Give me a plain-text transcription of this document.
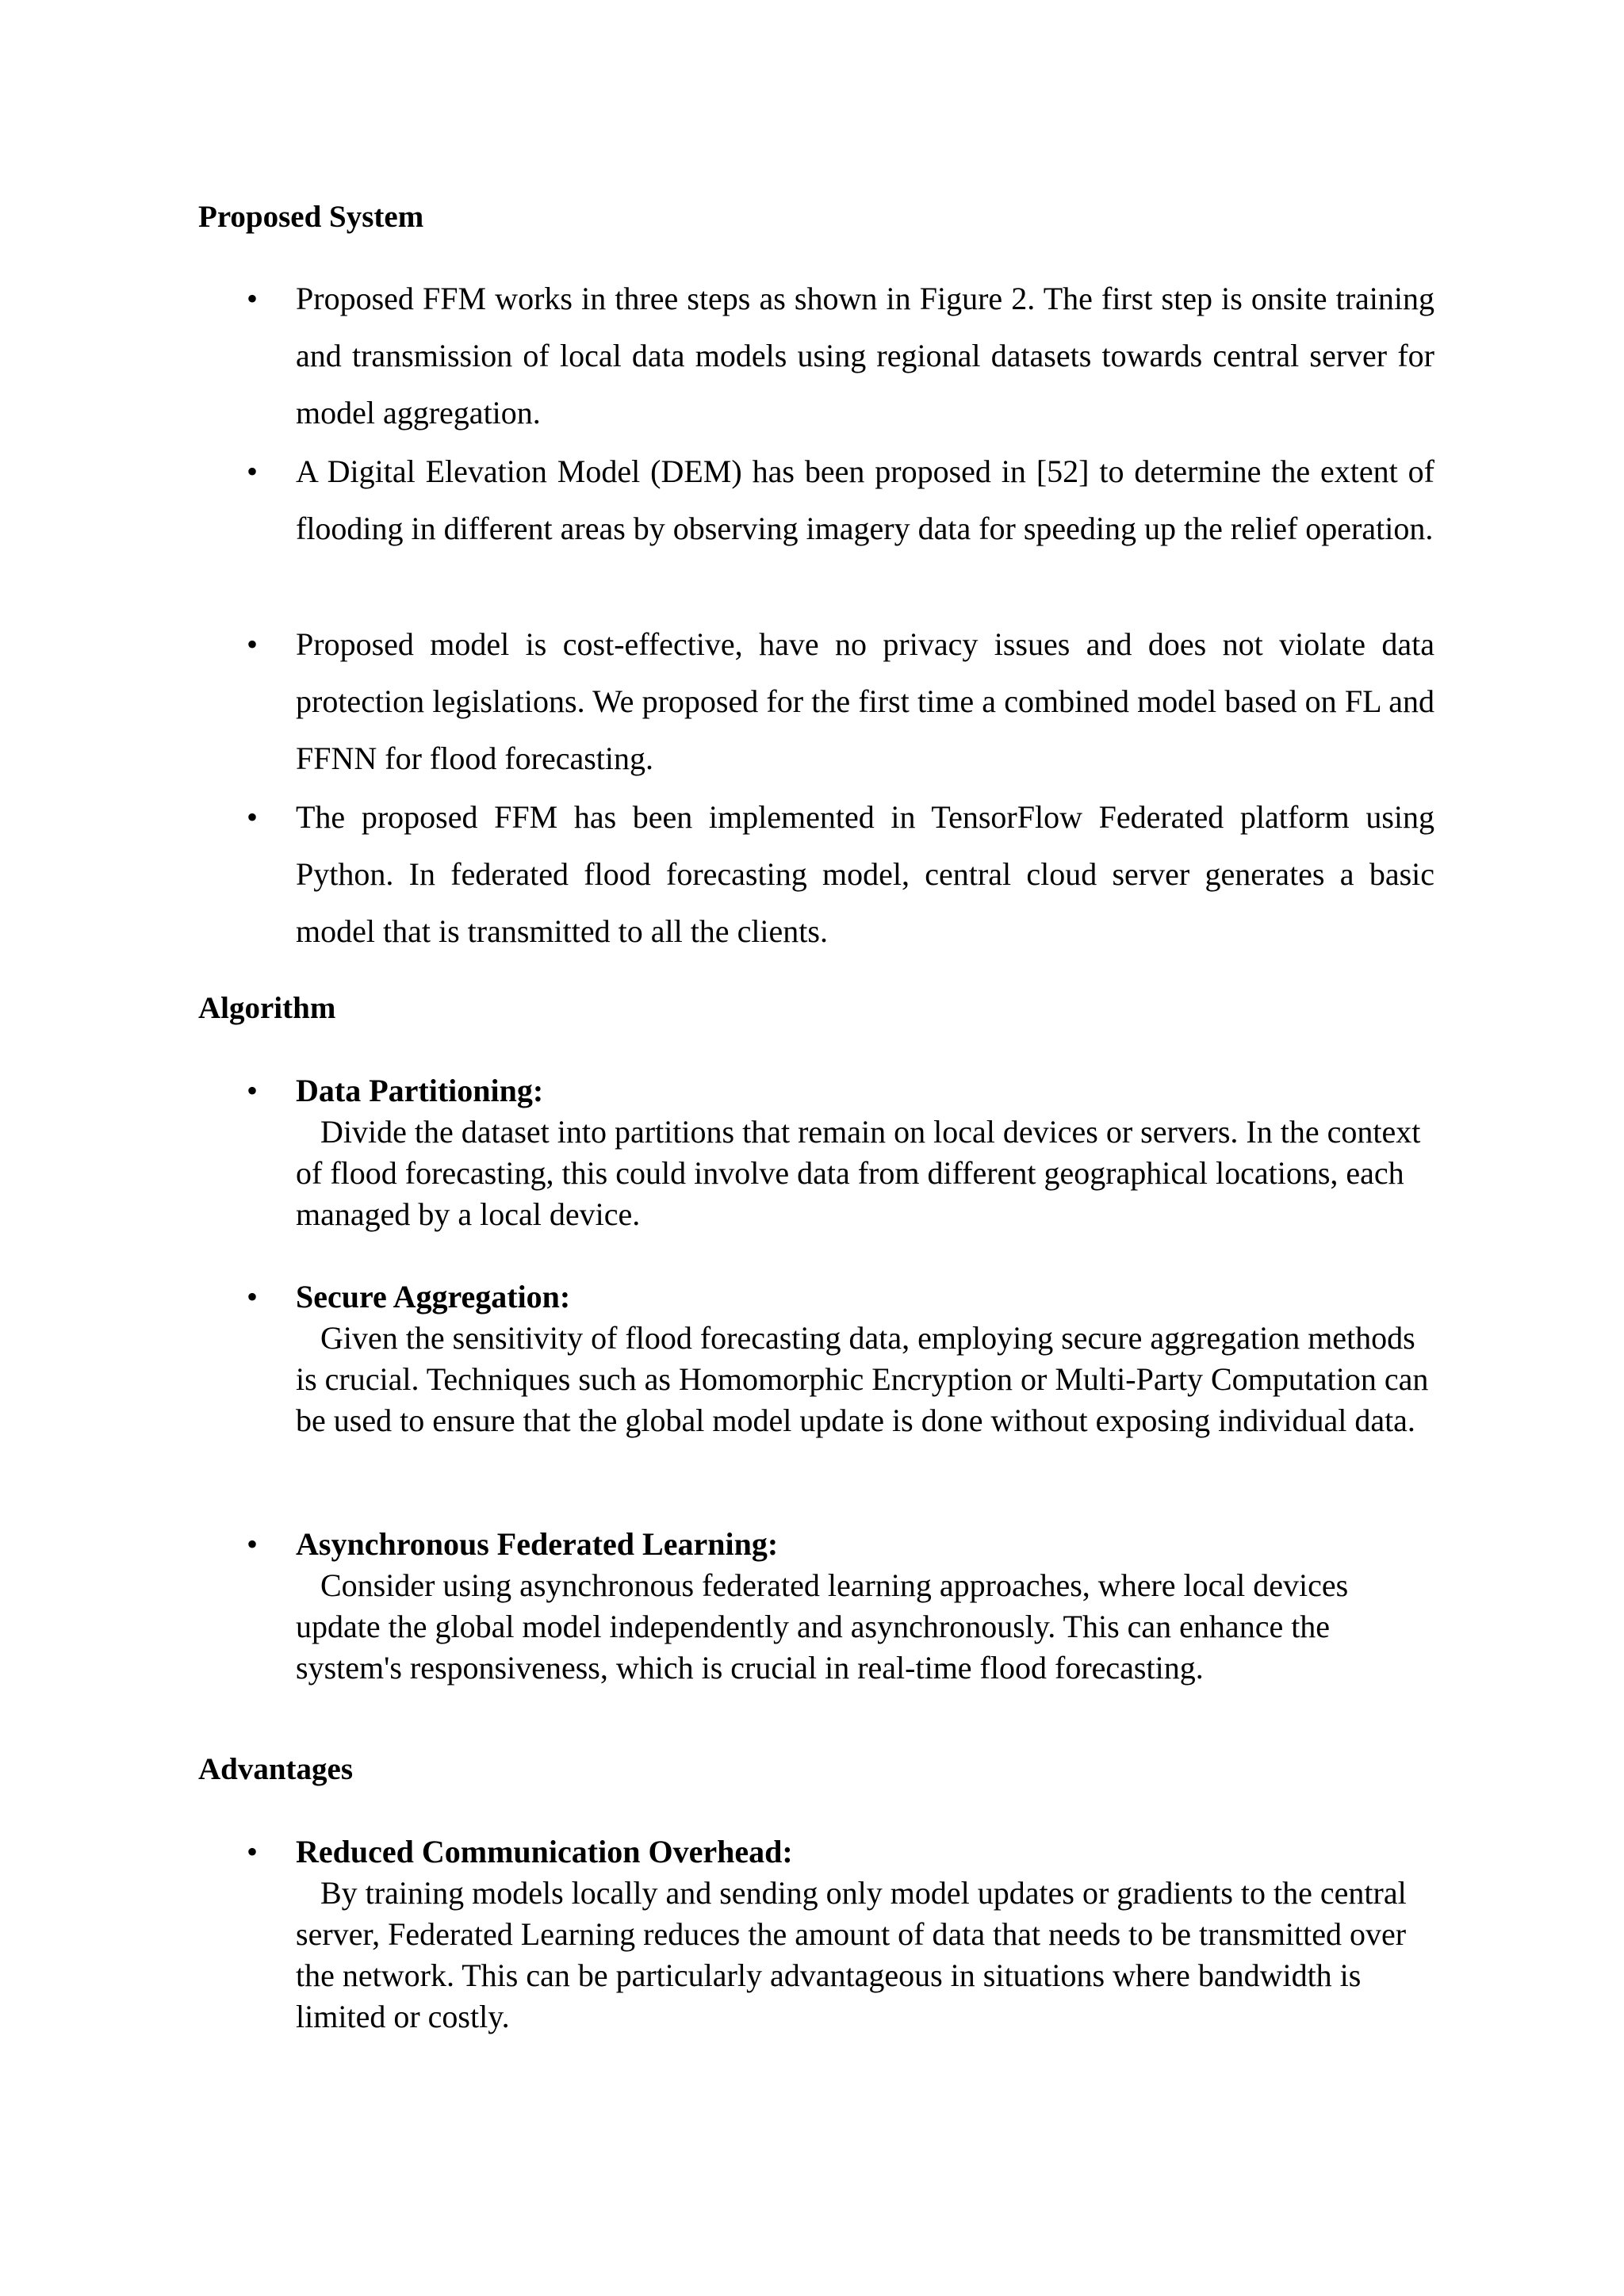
Proposed System
• Proposed FFM works in three steps as shown in Figure 2. The first step is onsite training and transmission of local data models using regional datasets towards central server for model aggregation.

• A Digital Elevation Model (DEM) has been proposed in [52] to determine the extent of flooding in different areas by observing imagery data for speeding up the relief operation.

• Proposed model is cost-effective, have no privacy issues and does not violate data protection legislations. We proposed for the first time a combined model based on FL and FFNN for flood forecasting.

• The proposed FFM has been implemented in TensorFlow Federated platform using Python. In federated flood forecasting model, central cloud server generates a basic model that is transmitted to all the clients.

Algorithm
• Data Partitioning:
Divide the dataset into partitions that remain on local devices or servers. In the context of flood forecasting, this could involve data from different geographical locations, each managed by a local device.
• Secure Aggregation:
Given the sensitivity of flood forecasting data, employing secure aggregation methods is crucial. Techniques such as Homomorphic Encryption or Multi-Party Computation can be used to ensure that the global model update is done without exposing individual data.
• Asynchronous Federated Learning:
Consider using asynchronous federated learning approaches, where local devices update the global model independently and asynchronously. This can enhance the system's responsiveness, which is crucial in real-time flood forecasting.
Advantages
• Reduced Communication Overhead:
By training models locally and sending only model updates or gradients to the central server, Federated Learning reduces the amount of data that needs to be transmitted over the network. This can be particularly advantageous in situations where bandwidth is limited or costly.
